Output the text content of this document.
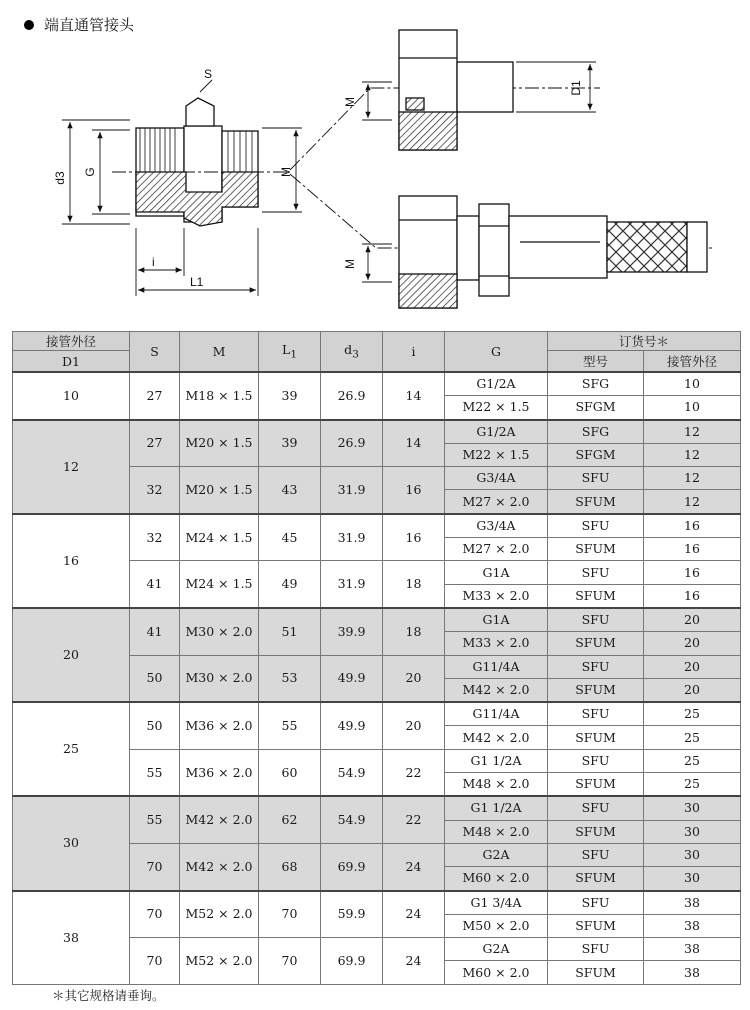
端直通管接头
S
d3 G	M
i
L1
M
D1
M
接管外径	S	M	$L_1$	$d_3$	i	G	订货号＊	
D1							型号	接管外径
10	27	M18 × 1.5	39	26.9	14	G1/2A	SFG	10
						M22 × 1.5	SFGM	10
12	27	M20 × 1.5	39	26.9	14	G1/2A	SFG	12
						M22 × 1.5	SFGM	12
	32	M20 × 1.5	43	31.9	16	G3/4A	SFU	12
						M27 × 2.0	SFUM	12
16	32	M24 × 1.5	45	31.9	16	G3/4A	SFU	16
						M27 × 2.0	SFUM	16
	41	M24 × 1.5	49	31.9	18	G1A	SFU	16
						M33 × 2.0	SFUM	16
20	41	M30 × 2.0	51	39.9	18	G1A	SFU	20
						M33 × 2.0	SFUM	20
	50	M30 × 2.0	53	49.9	20	G11/4A	SFU	20
						M42 × 2.0	SFUM	20
25	50	M36 × 2.0	55	49.9	20	G11/4A	SFU	25
						M42 × 2.0	SFUM	25
	55	M36 × 2.0	60	54.9	22	G1 1/2A	SFU	25
						M48 × 2.0	SFUM	25
30	55	M42 × 2.0	62	54.9	22	G1 1/2A	SFU	30
						M48 × 2.0	SFUM	30
	70	M42 × 2.0	68	69.9	24	G2A	SFU	30
						M60 × 2.0	SFUM	30
38	70	M52 × 2.0	70	59.9	24	G1 3/4A	SFU	38
						M50 × 2.0	SFUM	38
	70	M52 × 2.0	70	69.9	24	G2A	SFU	38
						M60 × 2.0	SFUM	38
＊其它规格请垂询。
